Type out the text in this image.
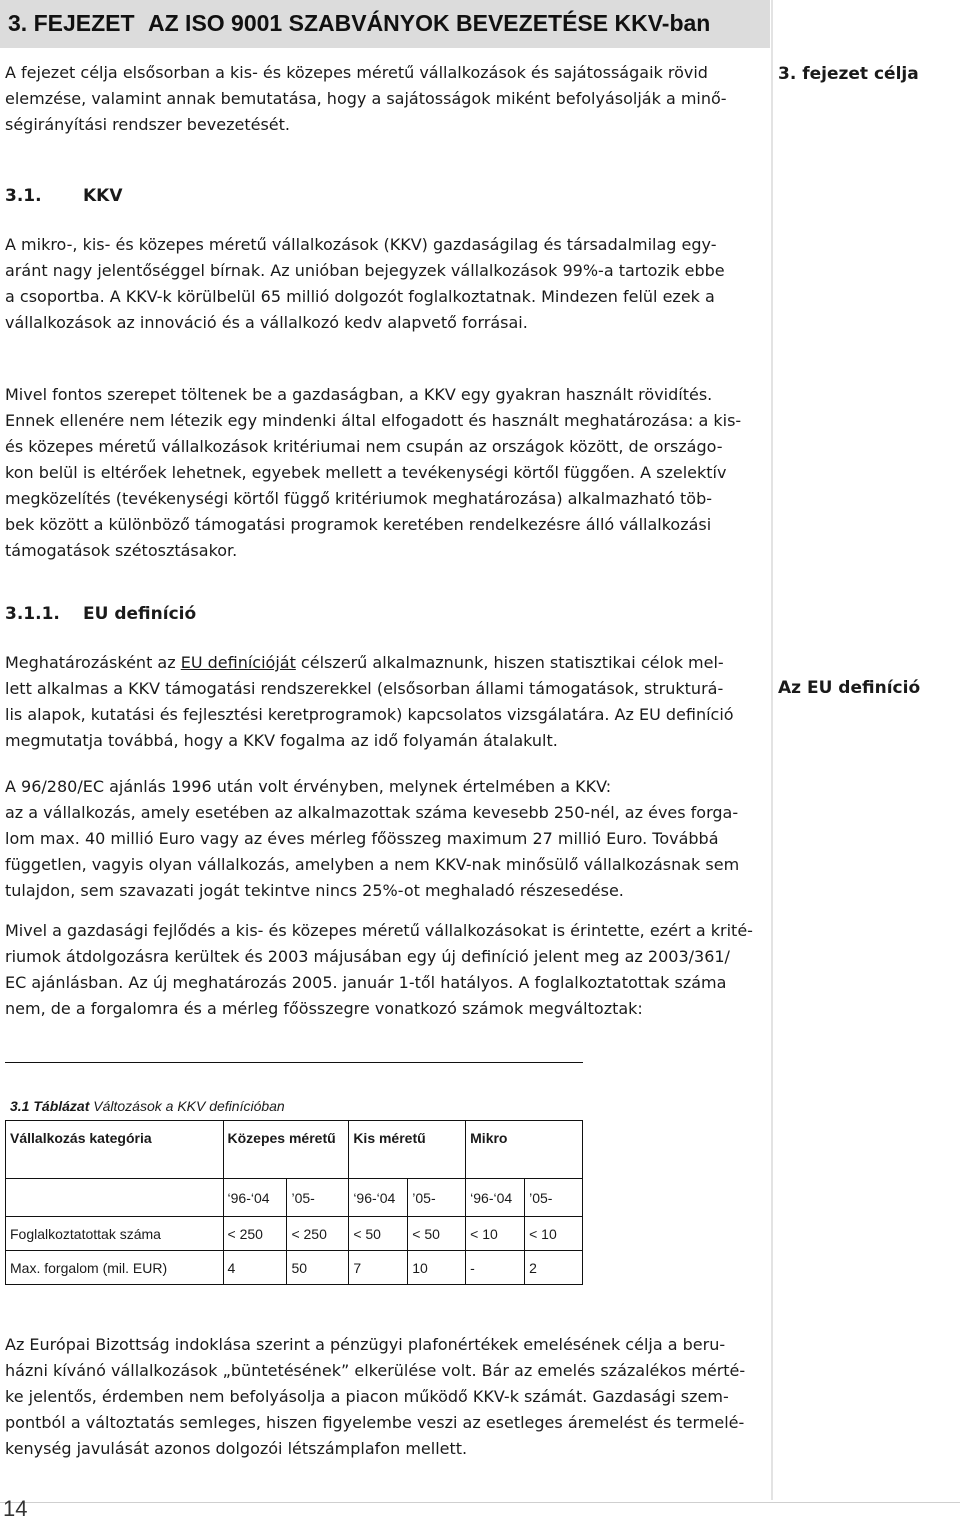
3. FEJEZET AZ ISO 9001 SZABVÁNYOK BEVEZETÉSE KKV-ban
3. fejezet célja
A fejezet célja elsősorban a kis- és közepes méretű vállalkozások és sajátosságaik rövid
elemzése, valamint annak bemutatása, hogy a sajátosságok miként befolyásolják a minő-
ségirányítási rendszer bevezetését.
3.1. KKV
A mikro-, kis- és közepes méretű vállalkozások (KKV) gazdaságilag és társadalmilag egy-
aránt nagy jelentőséggel bírnak. Az unióban bejegyzek vállalkozások 99%-a tartozik ebbe
a csoportba. A KKV-k körülbelül 65 millió dolgozót foglalkoztatnak. Mindezen felül ezek a
vállalkozások az innováció és a vállalkozó kedv alapvető forrásai.
Mivel fontos szerepet töltenek be a gazdaságban, a KKV egy gyakran használt rövidítés.
Ennek ellenére nem létezik egy mindenki által elfogadott és használt meghatározása: a kis-
és közepes méretű vállalkozások kritériumai nem csupán az országok között, de országo-
kon belül is eltérőek lehetnek, egyebek mellett a tevékenységi körtől függően. A szelektív
megközelítés (tevékenységi körtől függő kritériumok meghatározása) alkalmazható töb-
bek között a különböző támogatási programok keretében rendelkezésre álló vállalkozási
támogatások szétosztásakor.
3.1.1. EU definíció
Az EU definíció
Meghatározásként az EU definícióját célszerű alkalmaznunk, hiszen statisztikai célok mel-
lett alkalmas a KKV támogatási rendszerekkel (elsősorban állami támogatások, strukturá-
lis alapok, kutatási és fejlesztési keretprogramok) kapcsolatos vizsgálatára. Az EU definíció
megmutatja továbbá, hogy a KKV fogalma az idő folyamán átalakult.
A 96/280/EC ajánlás 1996 után volt érvényben, melynek értelmében a KKV:
az a vállalkozás, amely esetében az alkalmazottak száma kevesebb 250-nél, az éves forga-
lom max. 40 millió Euro vagy az éves mérleg főösszeg maximum 27 millió Euro. Továbbá
független, vagyis olyan vállalkozás, amelyben a nem KKV-nak minősülő vállalkozásnak sem
tulajdon, sem szavazati jogát tekintve nincs 25%-ot meghaladó részesedése.
Mivel a gazdasági fejlődés a kis- és közepes méretű vállalkozásokat is érintette, ezért a krité-
riumok átdolgozásra kerültek és 2003 májusában egy új definíció jelent meg az 2003/361/
EC ajánlásban. Az új meghatározás 2005. január 1-től hatályos. A foglalkoztatottak száma
nem, de a forgalomra és a mérleg főösszegre vonatkozó számok megváltoztak:
3.1 Táblázat Változások a KKV definícióban
Vállalkozás kategória	Közepes méretű		Kis méretű		Mikro	
	‘96-‘04	’05-	‘96-‘04	’05-	‘96-‘04	’05-
Foglalkoztatottak száma	< 250	< 250	< 50	< 50	< 10	< 10
Max. forgalom (mil. EUR)	4	50	7	10	-	2
Az Európai Bizottság indoklása szerint a pénzügyi plafonértékek emelésének célja a beru-
házni kívánó vállalkozások „büntetésének” elkerülése volt. Bár az emelés százalékos mérté-
ke jelentős, érdemben nem befolyásolja a piacon működő KKV-k számát. Gazdasági szem-
pontból a változtatás semleges, hiszen figyelembe veszi az esetleges áremelést és termelé-
kenység javulását azonos dolgozói létszámplafon mellett.
14
